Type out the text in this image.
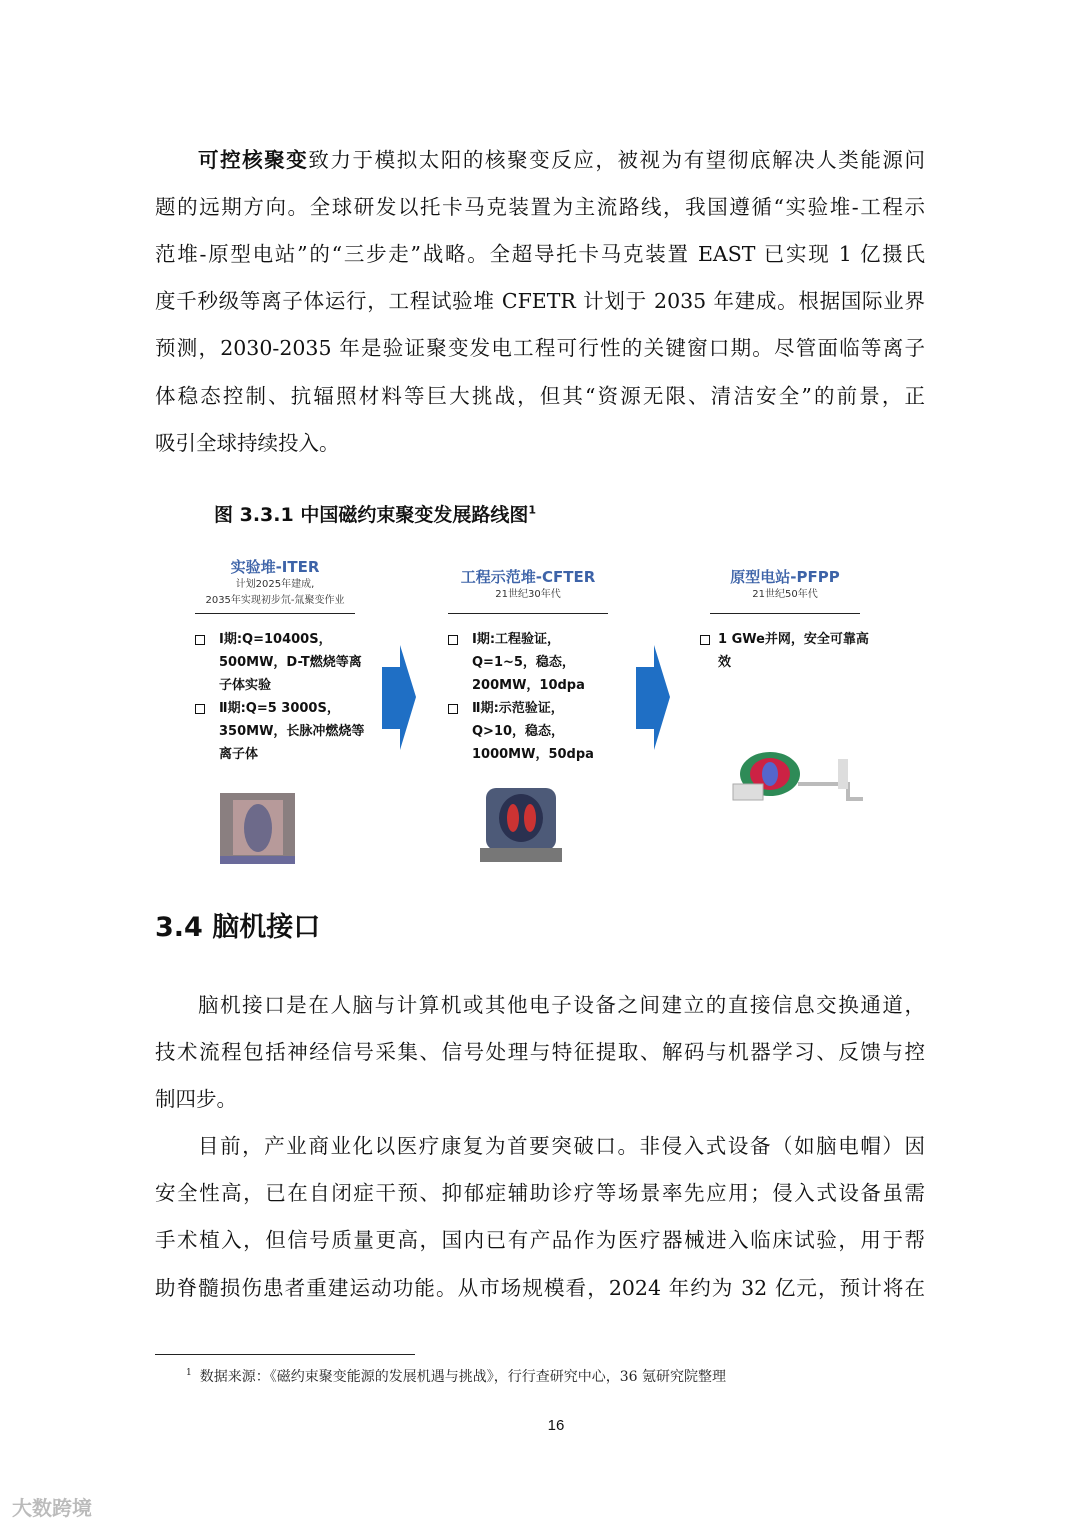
可控核聚变致力于模拟太阳的核聚变反应，被视为有望彻底解决人类能源问
题的远期方向。全球研发以托卡马克装置为主流路线，我国遵循“实验堆-工程示
范堆-原型电站”的“三步走”战略。全超导托卡马克装置 EAST 已实现 1 亿摄氏
度千秒级等离子体运行，工程试验堆 CFETR 计划于 2035 年建成。根据国际业界
预测，2030-2035 年是验证聚变发电工程可行性的关键窗口期。尽管面临等离子
体稳态控制、抗辐照材料等巨大挑战，但其“资源无限、清洁安全”的前景，正
吸引全球持续投入。
图 3.3.1 中国磁约束聚变发展路线图$^1$
实验堆-ITER
计划2025年建成,
2035年实现初步氘-氚聚变作业
Ⅰ期:Q=10400S，500MW，D-T燃烧等离子体实验
Ⅱ期:Q=5 3000S，350MW，长脉冲燃烧等离子体
工程示范堆-CFTER
21世纪30年代
Ⅰ期:工程验证，Q=1~5，稳态，200MW，10dpa
Ⅱ期:示范验证，Q>10，稳态，1000MW，50dpa
原型电站-PFPP
21世纪50年代
1 GWe并网，安全可靠高效
3.4 脑机接口
脑机接口是在人脑与计算机或其他电子设备之间建立的直接信息交换通道，
技术流程包括神经信号采集、信号处理与特征提取、解码与机器学习、反馈与控
制四步。
目前，产业商业化以医疗康复为首要突破口。非侵入式设备（如脑电帽）因
安全性高，已在自闭症干预、抑郁症辅助诊疗等场景率先应用；侵入式设备虽需
手术植入，但信号质量更高，国内已有产品作为医疗器械进入临床试验，用于帮
助脊髓损伤患者重建运动功能。从市场规模看，2024 年约为 32 亿元，预计将在
$^1$ 数据来源：《磁约束聚变能源的发展机遇与挑战》，行行查研究中心，36 氪研究院整理
16
大数跨境
